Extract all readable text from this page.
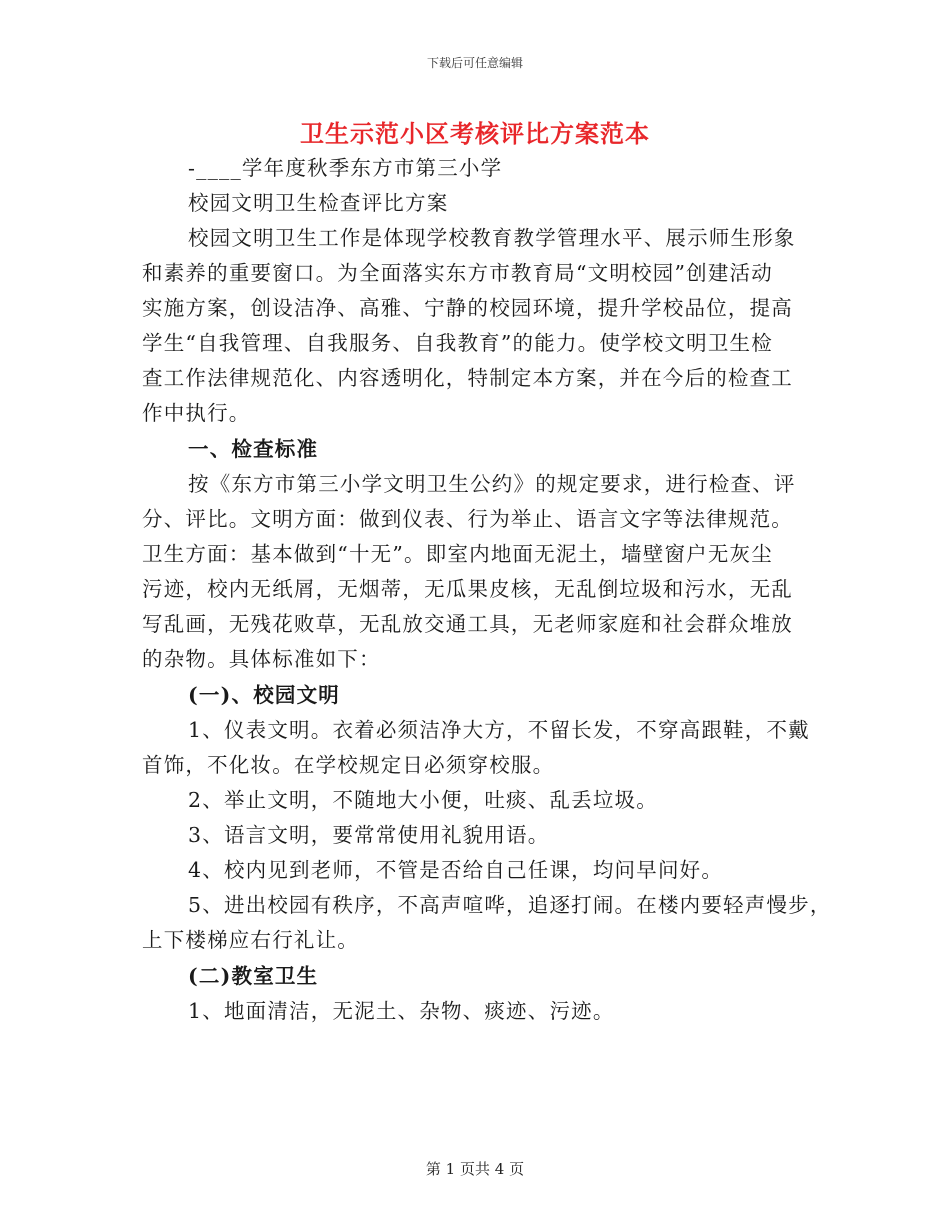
下载后可任意编辑
卫生示范小区考核评比方案范本
-____学年度秋季东方市第三小学
校园文明卫生检查评比方案
校园文明卫生工作是体现学校教育教学管理水平、展示师生形象
和素养的重要窗口。为全面落实东方市教育局“文明校园”创建活动
实施方案，创设洁净、高雅、宁静的校园环境，提升学校品位，提高
学生“自我管理、自我服务、自我教育”的能力。使学校文明卫生检
查工作法律规范化、内容透明化，特制定本方案，并在今后的检查工
作中执行。
一、检查标准
按《东方市第三小学文明卫生公约》的规定要求，进行检查、评
分、评比。文明方面：做到仪表、行为举止、语言文字等法律规范。
卫生方面：基本做到“十无”。即室内地面无泥土，墙壁窗户无灰尘
污迹，校内无纸屑，无烟蒂，无瓜果皮核，无乱倒垃圾和污水，无乱
写乱画，无残花败草，无乱放交通工具，无老师家庭和社会群众堆放
的杂物。具体标准如下：
(一)、校园文明
1、仪表文明。衣着必须洁净大方，不留长发，不穿高跟鞋，不戴
首饰，不化妆。在学校规定日必须穿校服。
2、举止文明，不随地大小便，吐痰、乱丢垃圾。
3、语言文明，要常常使用礼貌用语。
4、校内见到老师，不管是否给自己任课，均问早问好。
5、进出校园有秩序，不高声喧哗，追逐打闹。在楼内要轻声慢步，
上下楼梯应右行礼让。
(二)教室卫生
1、地面清洁，无泥土、杂物、痰迹、污迹。
第 1 页共 4 页
